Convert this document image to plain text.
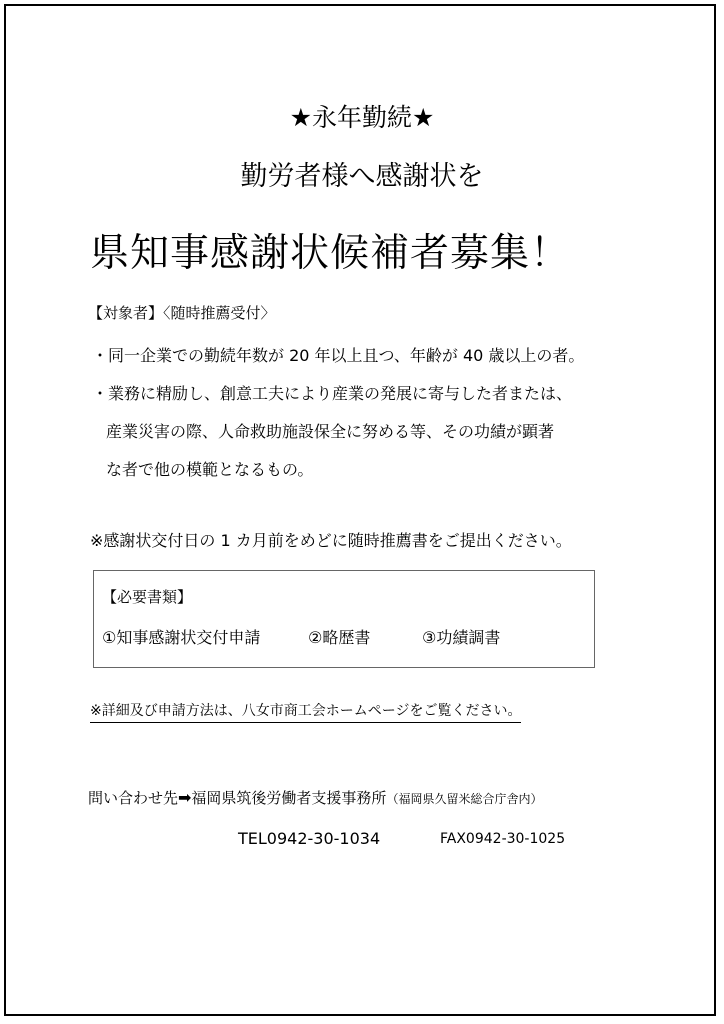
★永年勤続★
勤労者様へ感謝状を
県知事感謝状候補者募集！
【対象者】〈随時推薦受付〉
・同一企業での勤続年数が 20 年以上且つ、年齢が 40 歳以上の者。
・業務に精励し、創意工夫により産業の発展に寄与した者または、
産業災害の際、人命救助施設保全に努める等、その功績が顕著
な者で他の模範となるもの。
※感謝状交付日の 1 カ月前をめどに随時推薦書をご提出ください。
【必要書類】
①知事感謝状交付申請	②略歴書	③功績調書
※詳細及び申請方法は、八女市商工会ホームページをご覧ください。
問い合わせ先➡福岡県筑後労働者支援事務所（福岡県久留米総合庁舎内）
TEL0942-30-1034	FAX0942-30-1025
